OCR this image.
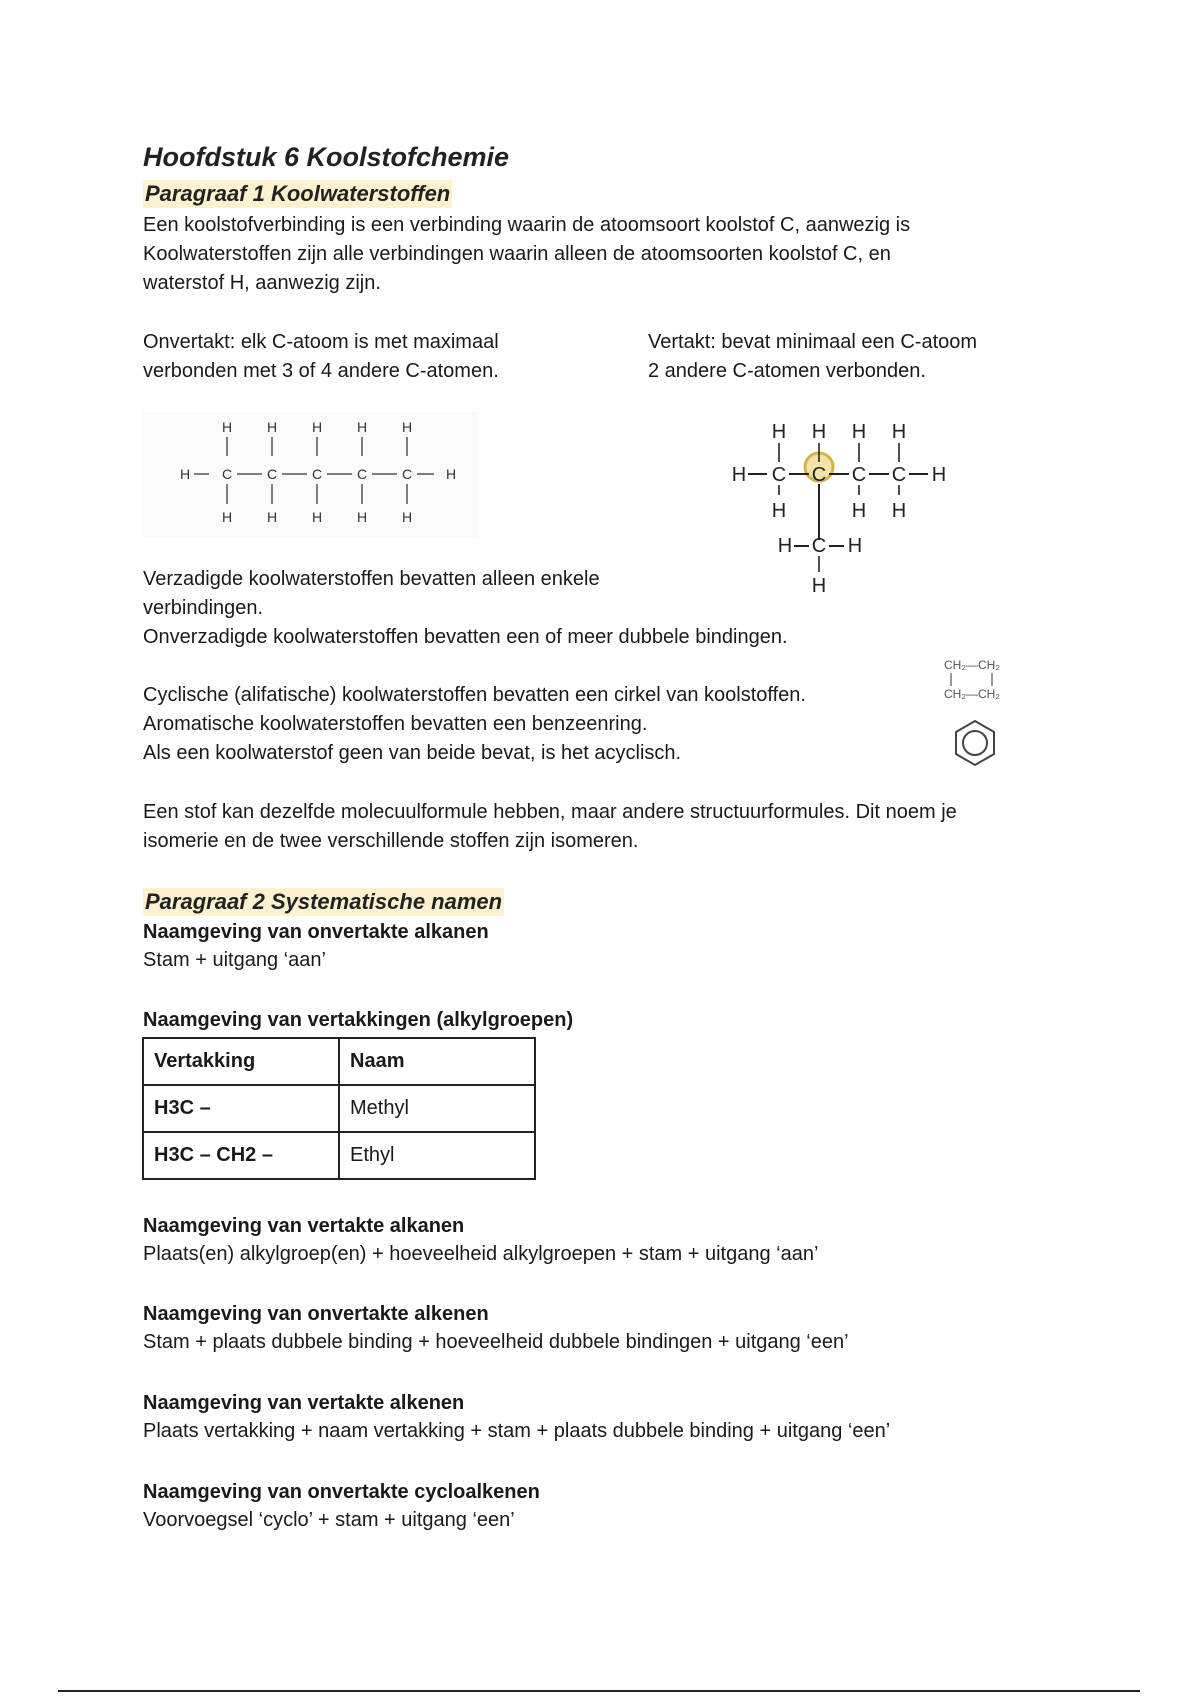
Hoofdstuk 6 Koolstofchemie
Paragraaf 1 Koolwaterstoffen

Een koolstofverbinding is een verbinding waarin de atoomsoort koolstof C, aanwezig is

Koolwaterstoffen zijn alle verbindingen waarin alleen de atoomsoorten koolstof C, en

waterstof H, aanwezig zijn.

Onvertakt: elk C-atoom is met maximaal

verbonden met 3 of 4 andere C-atomen.

Vertakt: bevat minimaal een C-atoom

2 andere C-atomen verbonden.

H
H
C
H
H
C
H
H
C
H
H
C
H
H
C
H
H	H
H
C
H
H
C
H
C
H
H
C
H
H
H C H
H

Verzadigde koolwaterstoffen bevatten alleen enkele

verbindingen.

Onverzadigde koolwaterstoffen bevatten een of meer dubbele bindingen.

CH₂—CH₂
CH₂—CH₂

Cyclische (alifatische) koolwaterstoffen bevatten een cirkel van koolstoffen.

Aromatische koolwaterstoffen bevatten een benzeenring.

Als een koolwaterstof geen van beide bevat, is het acyclisch.

Een stof kan dezelfde molecuulformule hebben, maar andere structuurformules. Dit noem je

isomerie en de twee verschillende stoffen zijn isomeren.

Paragraaf 2 Systematische namen
Naamgeving van onvertakte alkanen

Stam + uitgang ‘aan’

Naamgeving van vertakkingen (alkylgroepen)
Vertakking	Naam
H3C –	Methyl
H3C – CH2 –	Ethyl
Naamgeving van vertakte alkanen

Plaats(en) alkylgroep(en) + hoeveelheid alkylgroepen + stam + uitgang ‘aan’

Naamgeving van onvertakte alkenen

Stam + plaats dubbele binding + hoeveelheid dubbele bindingen + uitgang ‘een’

Naamgeving van vertakte alkenen

Plaats vertakking + naam vertakking + stam + plaats dubbele binding + uitgang ‘een’

Naamgeving van onvertakte cycloalkenen

Voorvoegsel ‘cyclo’ + stam + uitgang ‘een’
